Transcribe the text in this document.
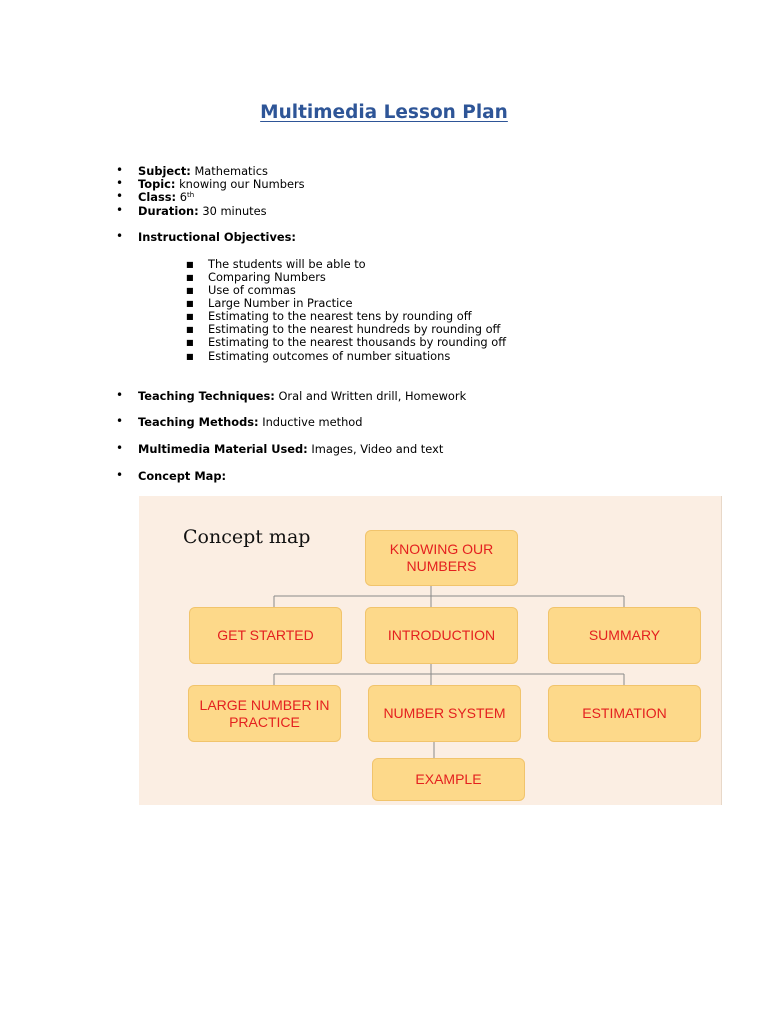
Multimedia Lesson Plan
• Subject: Mathematics
• Topic: knowing our Numbers
• Class: 6th
• Duration: 30 minutes
• Instructional Objectives:
■ The students will be able to
■ Comparing Numbers
■ Use of commas
■ Large Number in Practice
■ Estimating to the nearest tens by rounding off
■ Estimating to the nearest hundreds by rounding off
■ Estimating to the nearest thousands by rounding off
■ Estimating outcomes of number situations
• Teaching Techniques: Oral and Written drill, Homework
• Teaching Methods: Inductive method
• Multimedia Material Used: Images, Video and text
• Concept Map:
Concept map
KNOWING OUR NUMBERS
GET STARTED	INTRODUCTION	SUMMARY
LARGE NUMBER IN PRACTICE
NUMBER SYSTEM	ESTIMATION
EXAMPLE
